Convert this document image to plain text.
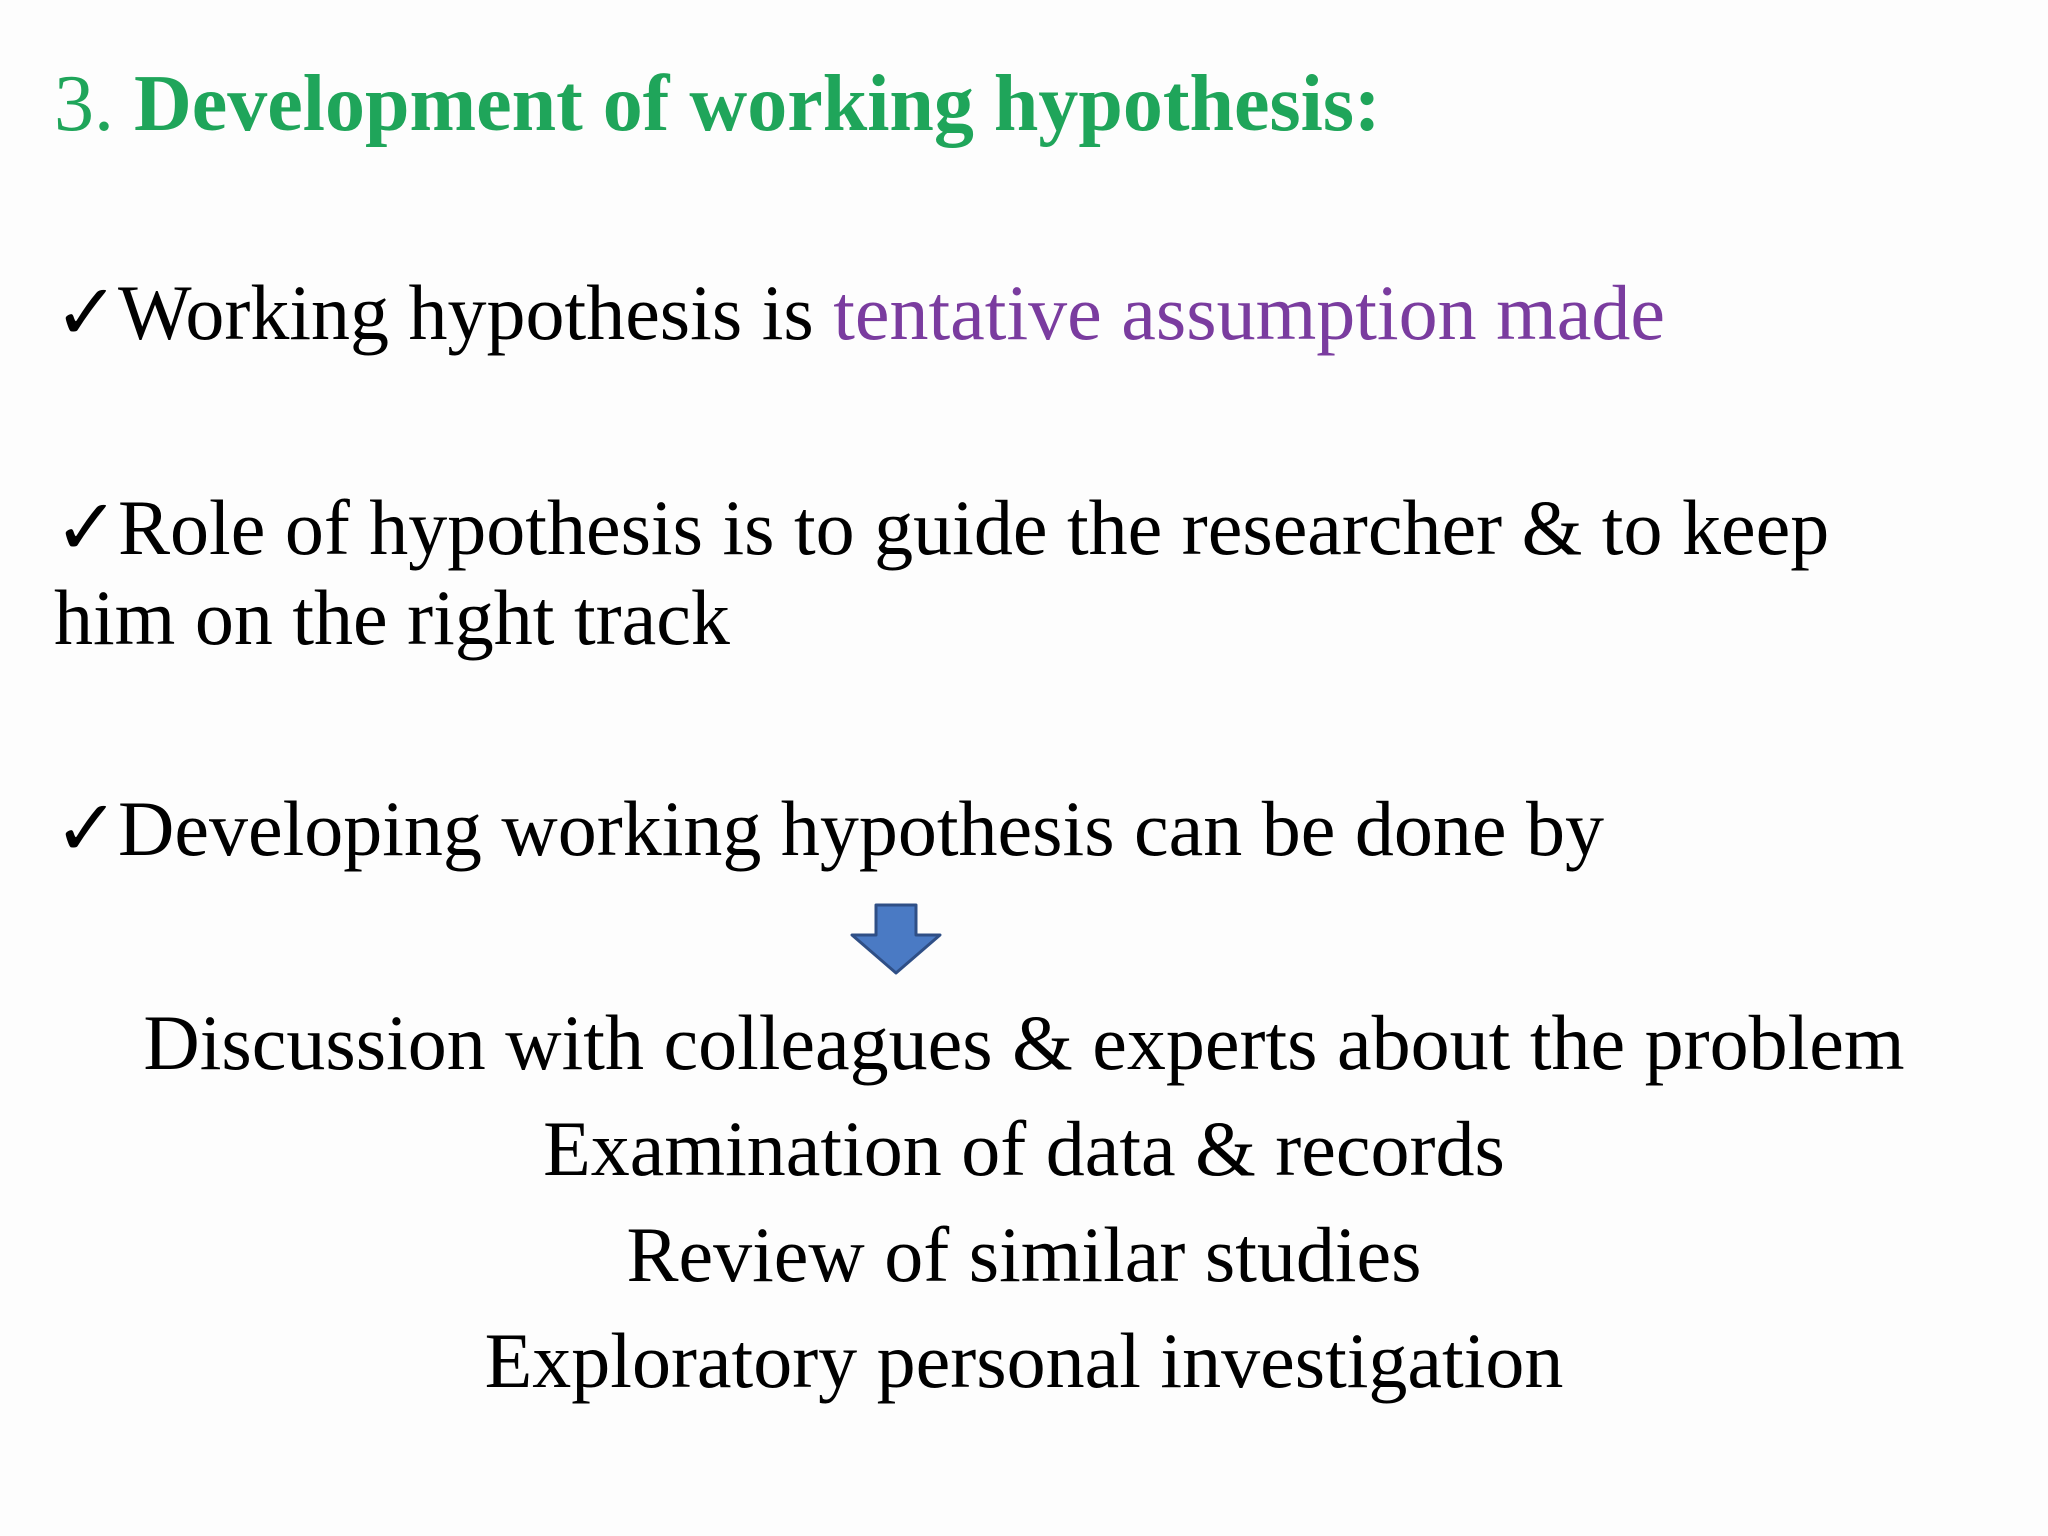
3. Development of working hypothesis:
✓Working hypothesis is tentative assumption made
✓Role of hypothesis is to guide the researcher & to keep
him on the right track
✓Developing working hypothesis can be done by
Discussion with colleagues & experts about the problem
Examination of data & records
Review of similar studies
Exploratory personal investigation
